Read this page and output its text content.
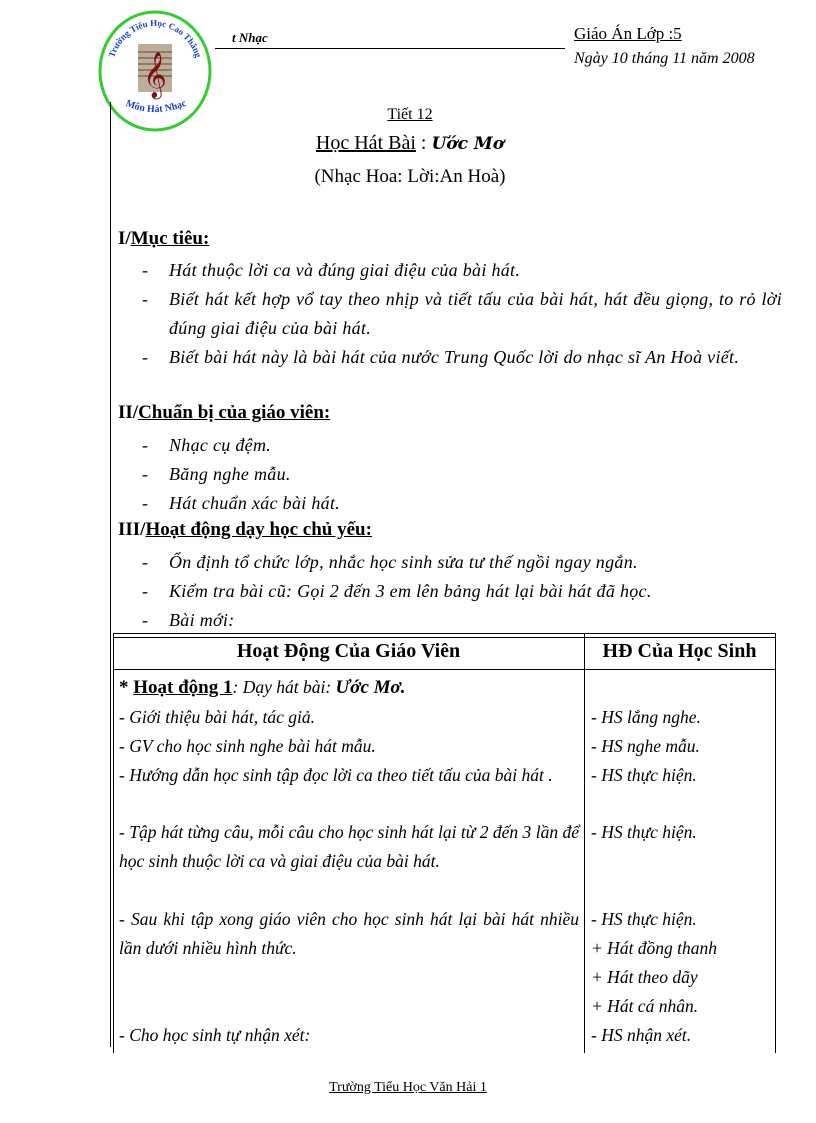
Trường Tiểu Học Cao Thắng
𝄞
Môn Hát Nhạc
t Nhạc	Giáo Án Lớp :5
Ngày 10 tháng 11 năm 2008
Tiết 12
Học Hát Bài : Ước Mơ
(Nhạc Hoa: Lời:An Hoà)
I/Mục tiêu:
- Hát thuộc lời ca và đúng giai điệu của bài hát.
- Biết hát kết hợp vổ tay theo nhịp và tiết tấu của bài hát, hát đều giọng, to rỏ lời đúng giai điệu của bài hát.
- Biết bài hát này là bài hát của nước Trung Quốc lời do nhạc sĩ An Hoà viết.
II/Chuẩn bị của giáo viên:
- Nhạc cụ đệm.
- Băng nghe mẫu.
- Hát chuẩn xác bài hát.
III/Hoạt động dạy học chủ yếu:
- Ổn định tổ chức lớp, nhắc học sinh sửa tư thế ngồi ngay ngắn.
- Kiểm tra bài cũ: Gọi 2 đến 3 em lên bảng hát lại bài hát đã học.
- Bài mới:
Hoạt Động Của Giáo Viên	HĐ Của Học Sinh
* Hoạt động 1: Dạy hát bài: Ước Mơ.
- Giới thiệu bài hát, tác giả.
- GV cho học sinh nghe bài hát mẫu.
- Hướng dẫn học sinh tập đọc lời ca theo tiết tấu của bài hát .
- Tập hát từng câu, mỗi câu cho học sinh hát lại từ 2 đến 3 lần để học sinh thuộc lời ca và giai điệu của bài hát.
- Sau khi tập xong giáo viên cho học sinh hát lại bài hát nhiều lần dưới nhiều hình thức.
- Cho học sinh tự nhận xét:
- HS lắng nghe.
- HS nghe mẫu.
- HS thực hiện.
- HS thực hiện.
- HS thực hiện.
+ Hát đồng thanh
+ Hát theo dãy
+ Hát cá nhân.
- HS nhận xét.
Trường Tiểu Học Văn Hải 1
